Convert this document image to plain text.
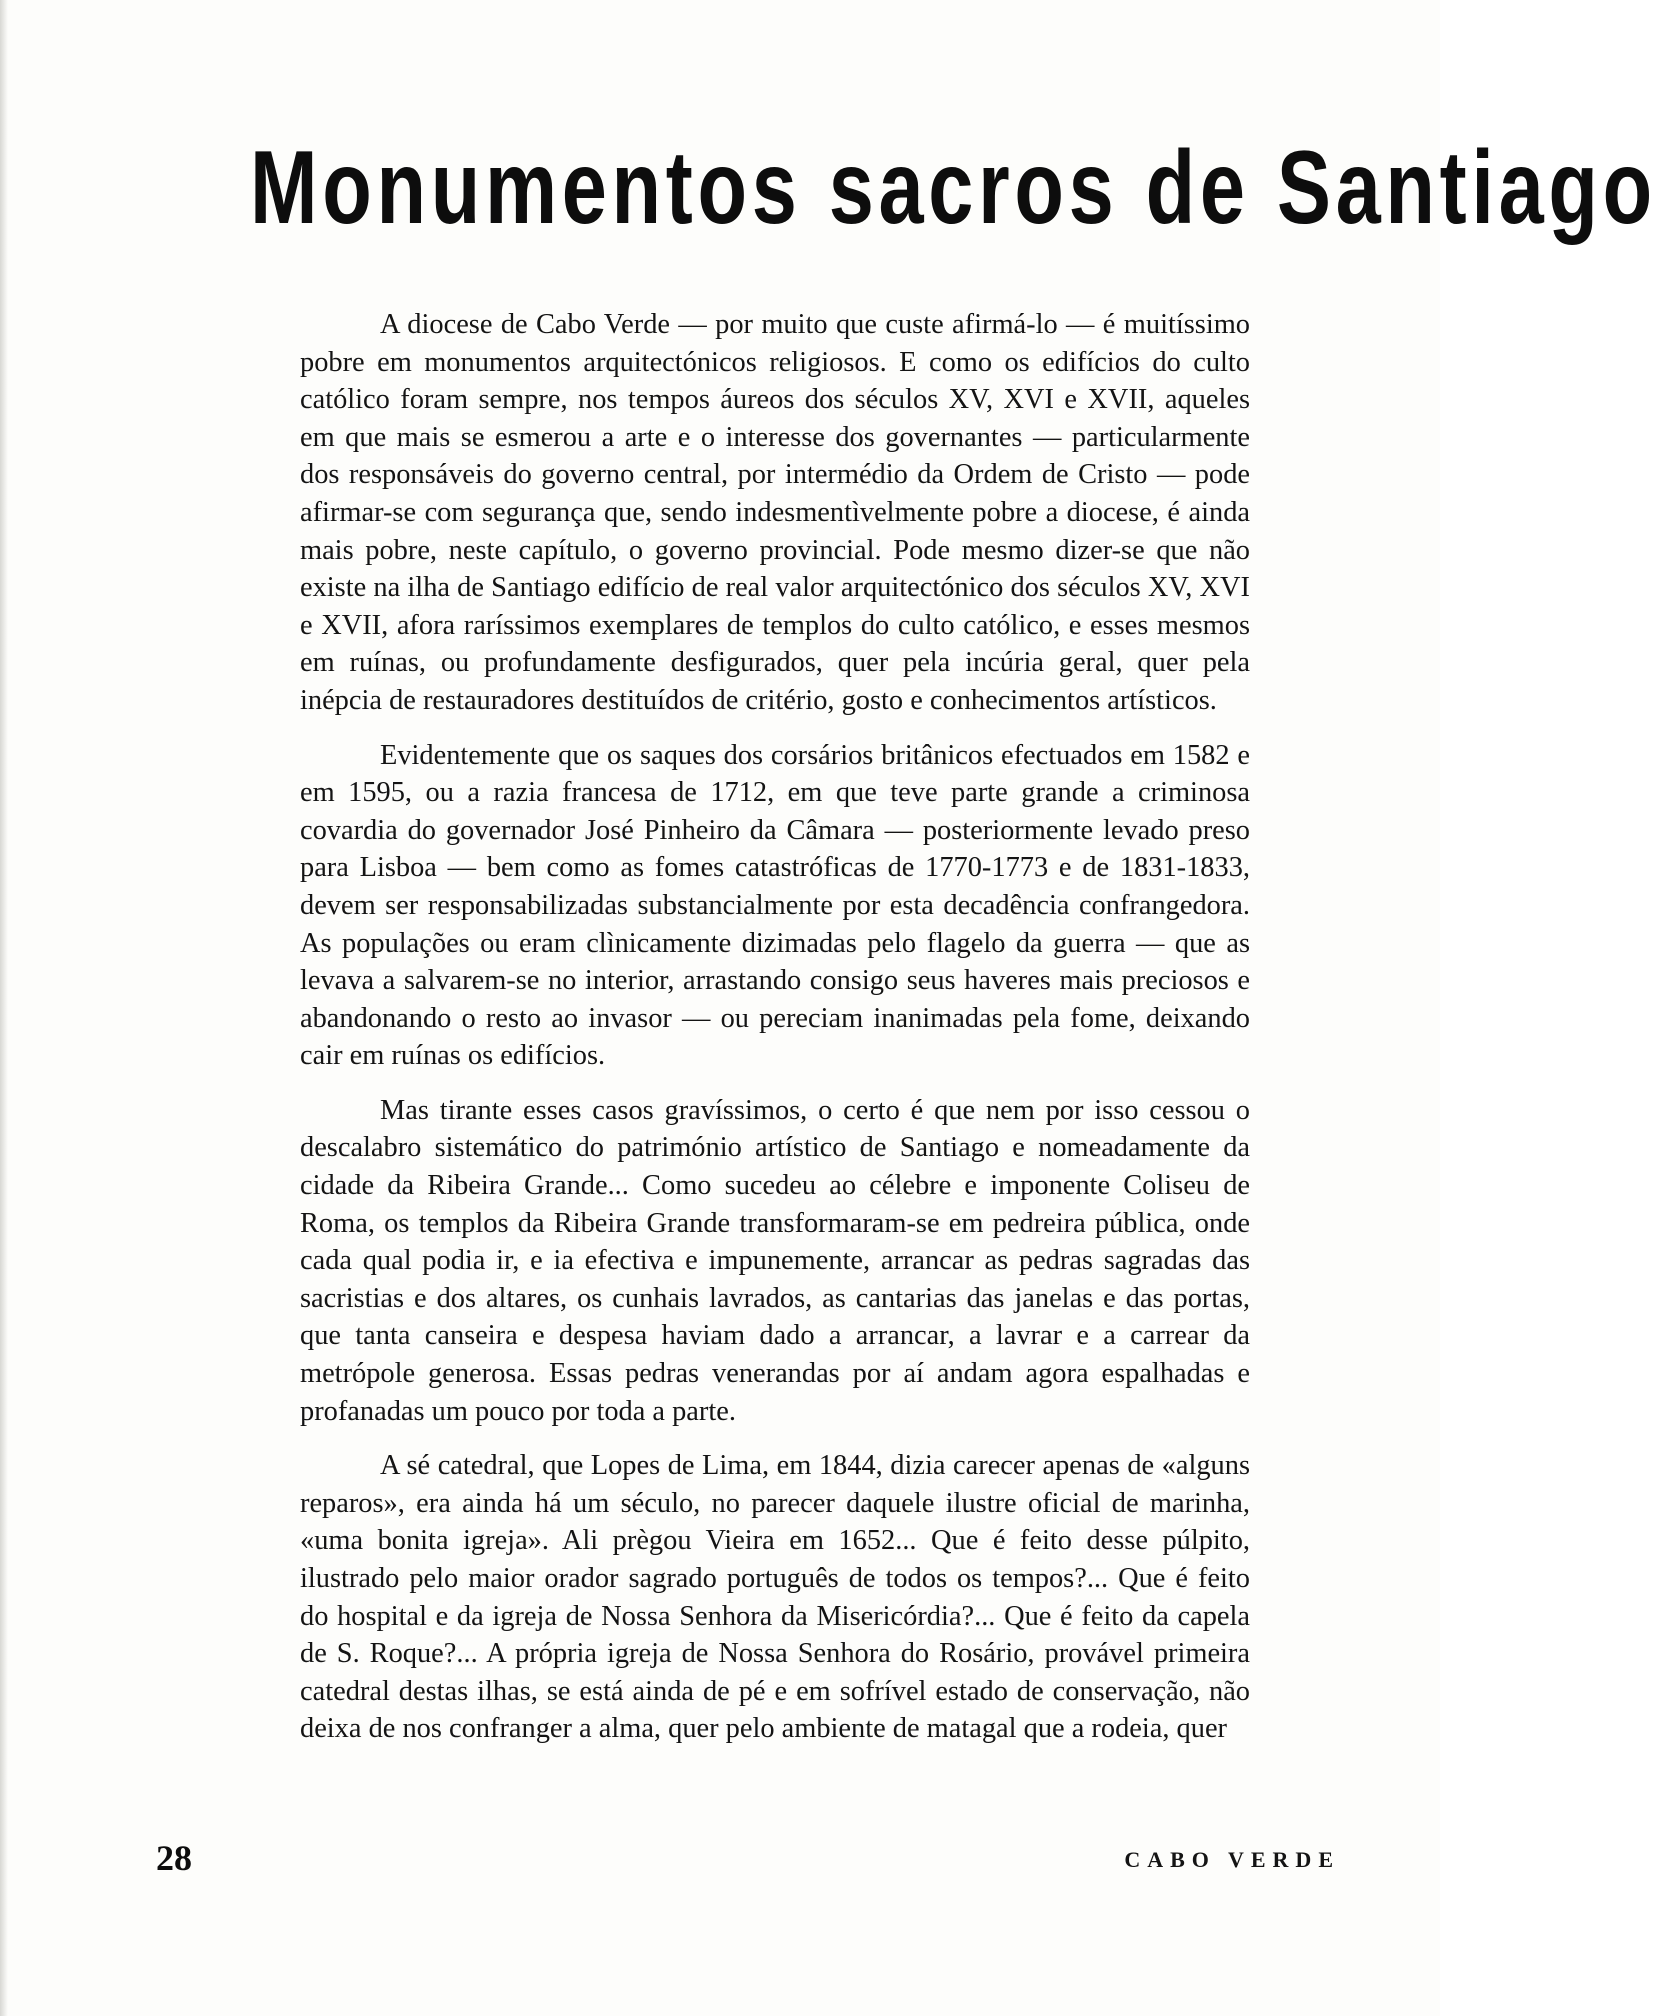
Monumentos sacros de Santiago

A diocese de Cabo Verde — por muito que custe afirmá-lo — é muitíssimo pobre em monumentos arquitectónicos religiosos. E como os edifícios do culto católico foram sempre, nos tempos áureos dos séculos XV, XVI e XVII, aqueles em que mais se esmerou a arte e o interesse dos governantes — particularmente dos responsáveis do governo central, por intermédio da Ordem de Cristo — pode afirmar-se com segurança que, sendo indesmentìvelmente pobre a diocese, é ainda mais pobre, neste capítulo, o governo provincial. Pode mesmo dizer-se que não existe na ilha de Santiago edifício de real valor arquitectónico dos séculos XV, XVI e XVII, afora raríssimos exemplares de templos do culto católico, e esses mesmos em ruínas, ou profundamente desfigurados, quer pela incúria geral, quer pela inépcia de restauradores destituídos de critério, gosto e conhecimentos artísticos.

Evidentemente que os saques dos corsários britânicos efectuados em 1582 e em 1595, ou a razia francesa de 1712, em que teve parte grande a criminosa covardia do governador José Pinheiro da Câmara — posteriormente levado preso para Lisboa — bem como as fomes catastróficas de 1770-1773 e de 1831-1833, devem ser responsabilizadas substancialmente por esta decadência confrangedora. As populações ou eram clìnicamente dizimadas pelo flagelo da guerra — que as levava a salvarem-se no interior, arrastando consigo seus haveres mais preciosos e abandonando o resto ao invasor — ou pereciam inanimadas pela fome, deixando cair em ruínas os edifícios.

Mas tirante esses casos gravíssimos, o certo é que nem por isso cessou o descalabro sistemático do património artístico de Santiago e nomeadamente da cidade da Ribeira Grande... Como sucedeu ao célebre e imponente Coliseu de Roma, os templos da Ribeira Grande transformaram-se em pedreira pública, onde cada qual podia ir, e ia efectiva e impunemente, arrancar as pedras sagradas das sacristias e dos altares, os cunhais lavrados, as cantarias das janelas e das portas, que tanta canseira e despesa haviam dado a arrancar, a lavrar e a carrear da metrópole generosa. Essas pedras venerandas por aí andam agora espalhadas e profanadas um pouco por toda a parte.

A sé catedral, que Lopes de Lima, em 1844, dizia carecer apenas de «alguns reparos», era ainda há um século, no parecer daquele ilustre oficial de marinha, «uma bonita igreja». Ali prègou Vieira em 1652... Que é feito desse púlpito, ilustrado pelo maior orador sagrado português de todos os tempos?... Que é feito do hospital e da igreja de Nossa Senhora da Misericórdia?... Que é feito da capela de S. Roque?... A própria igreja de Nossa Senhora do Rosário, provável primeira catedral destas ilhas, se está ainda de pé e em sofrível estado de conservação, não deixa de nos confranger a alma, quer pelo ambiente de matagal que a rodeia, quer

28	CABO VERDE
